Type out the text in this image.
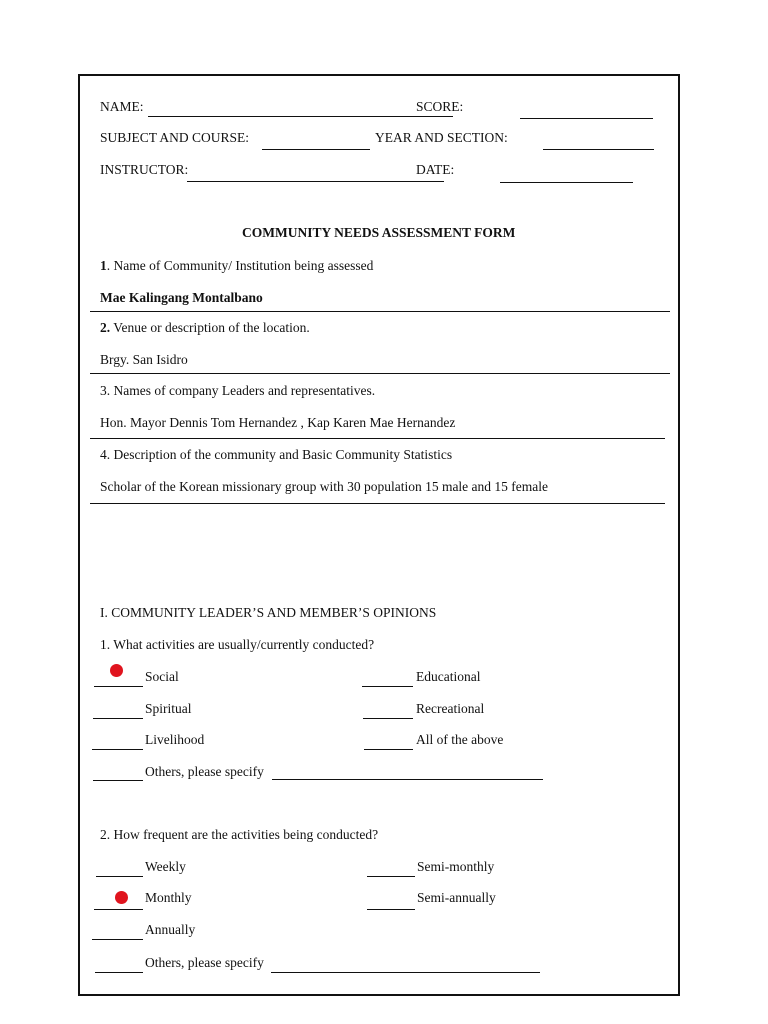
NAME:	SCORE:
SUBJECT AND COURSE:	YEAR AND SECTION:
INSTRUCTOR:	DATE:
COMMUNITY NEEDS ASSESSMENT FORM
1. Name of Community/ Institution being assessed
Mae Kalingang Montalbano
2. Venue or description of the location.
Brgy. San Isidro
3. Names of company Leaders and representatives.
Hon. Mayor Dennis Tom Hernandez , Kap Karen Mae Hernandez
4. Description of the community and Basic Community Statistics
Scholar of the Korean missionary group with 30 population 15 male and 15 female
I. COMMUNITY LEADER’S AND MEMBER’S OPINIONS
1. What activities are usually/currently conducted?
Social	Educational
Spiritual	Recreational
Livelihood	All of the above
Others, please specify
2. How frequent are the activities being conducted?
Weekly	Semi-monthly
Monthly	Semi-annually
Annually
Others, please specify
